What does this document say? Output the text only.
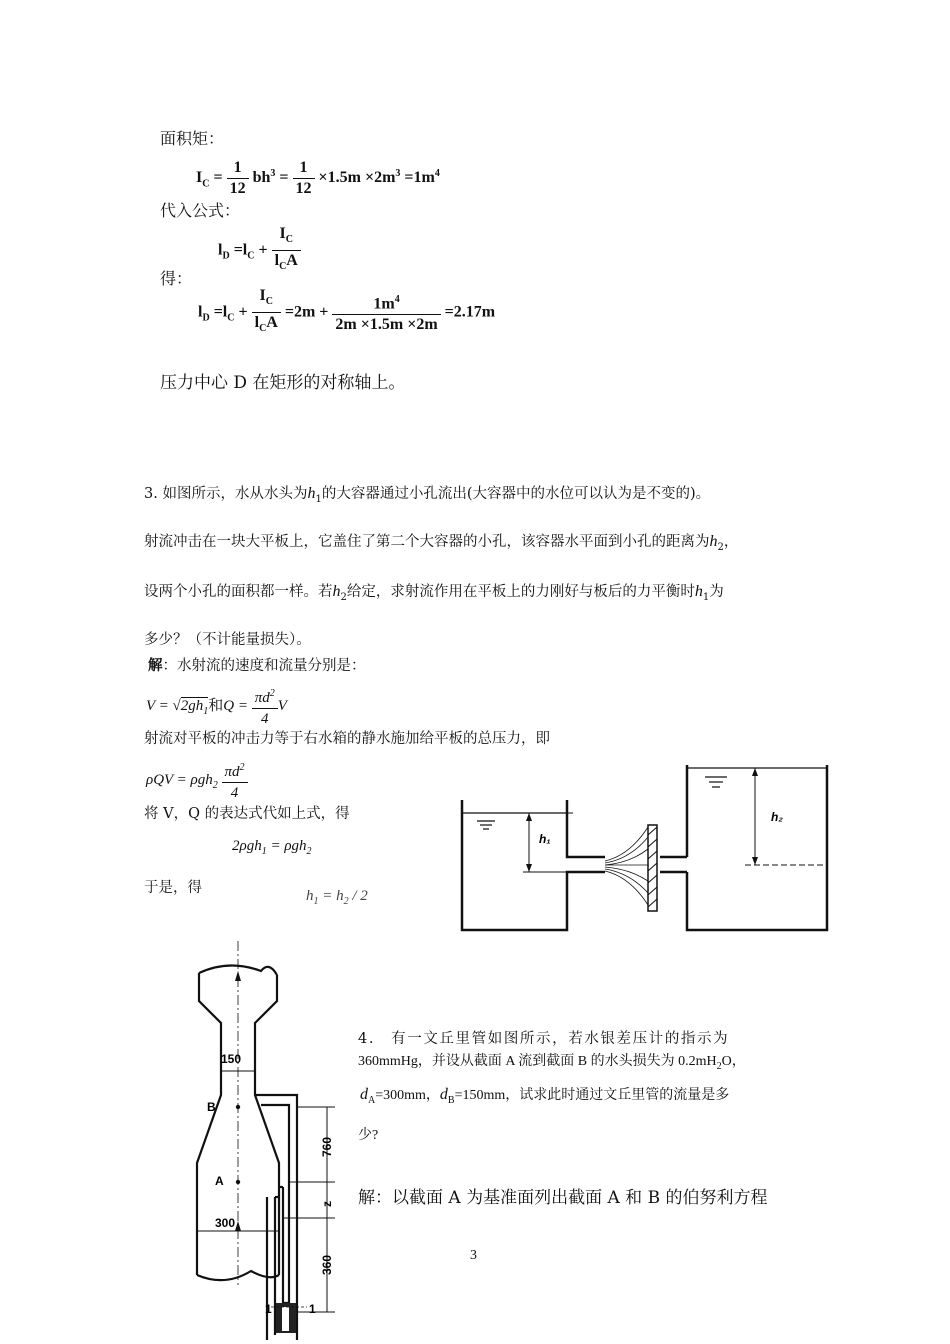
面积矩：
$I_C = \frac{1}{12} bh^3 = \frac{1}{12} \times 1.5m \times 2m^3 =1m^4$
代入公式：
$l_D =l_C + \frac{I_C}{l_CA}$
得：
$l_D =l_C + \frac{I_C}{l_CA} =2m + \frac{1m^4}{2m \times 1.5m \times 2m} =2.17m$
压力中心 D 在矩形的对称轴上。
3. 如图所示，水从水头为$h_1$的大容器通过小孔流出(大容器中的水位可以认为是不变的)。
射流冲击在一块大平板上，它盖住了第二个大容器的小孔，该容器水平面到小孔的距离为$h_2$，
设两个小孔的面积都一样。若$h_2$给定，求射流作用在平板上的力刚好与板后的力平衡时$h_1$为
多少？（不计能量损失）。
解：水射流的速度和流量分别是：
$V = √2gh_1$和$Q = \frac{\pi d^2}{4}$ V
射流对平板的冲击力等于右水箱的静水施加给平板的总压力，即
$\rho QV = \rho gh_2 \frac{\pi d^2}{4}$
将 V，Q 的表达式代如上式，得
2ρgh$_1$ = ρgh$_2$
于是，得	$h_1 = h_2 / 2$
h₁
h₂
4.　有一文丘里管如图所示，若水银差压计的指示为
360mmHg，并设从截面 A 流到截面 B 的水头损失为 $0.2mH_2O$，
$d_A=300mm$，$d_B=150mm$，试求此时通过文丘里管的流量是多
少?
解：以截面 A 为基准面列出截面 A 和 B 的伯努利方程
150
300
B
A
760
z
360
1	1
3
